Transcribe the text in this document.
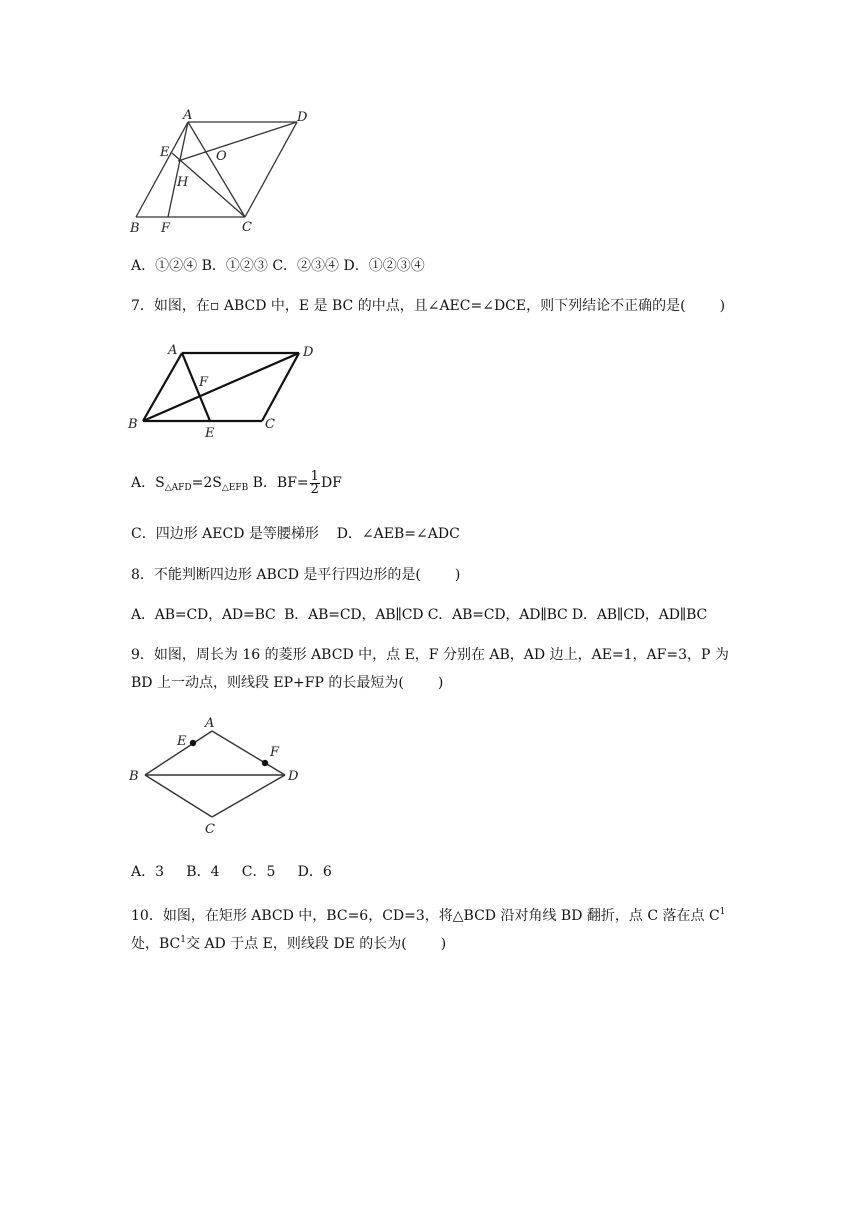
A	D
E	O
H
B F	C
A．①②④ B．①②③ C．②③④ D．①②③④
7．如图，在▫ ABCD 中，E 是 BC 的中点，且∠AEC=∠DCE，则下列结论不正确的是( )
A	D
F
B
E
C
A．$S_{\triangle AFD}=2S_{\triangle EFB}$ B．$BF= \frac{1}{2}$ DF
C．四边形 AECD 是等腰梯形 D．∠AEB=∠ADC
8．不能判断四边形 ABCD 是平行四边形的是( )
A．AB=CD，AD=BC B．AB=CD，AB∥CD C．AB=CD，AD∥BC D．AB∥CD，AD∥BC
9．如图，周长为 16 的菱形 ABCD 中，点 E，F 分别在 AB，AD 边上，AE=1，AF=3，P 为
BD 上一动点，则线段 EP+FP 的长最短为( )
A
E
F
B	D
C
A．3 B．4 C．5 D．6
10．如图，在矩形 ABCD 中，BC=6，CD=3，将△BCD 沿对角线 BD 翻折，点 C 落在点 $C^1$
处，$BC^1$交 AD 于点 E，则线段 DE 的长为( )
